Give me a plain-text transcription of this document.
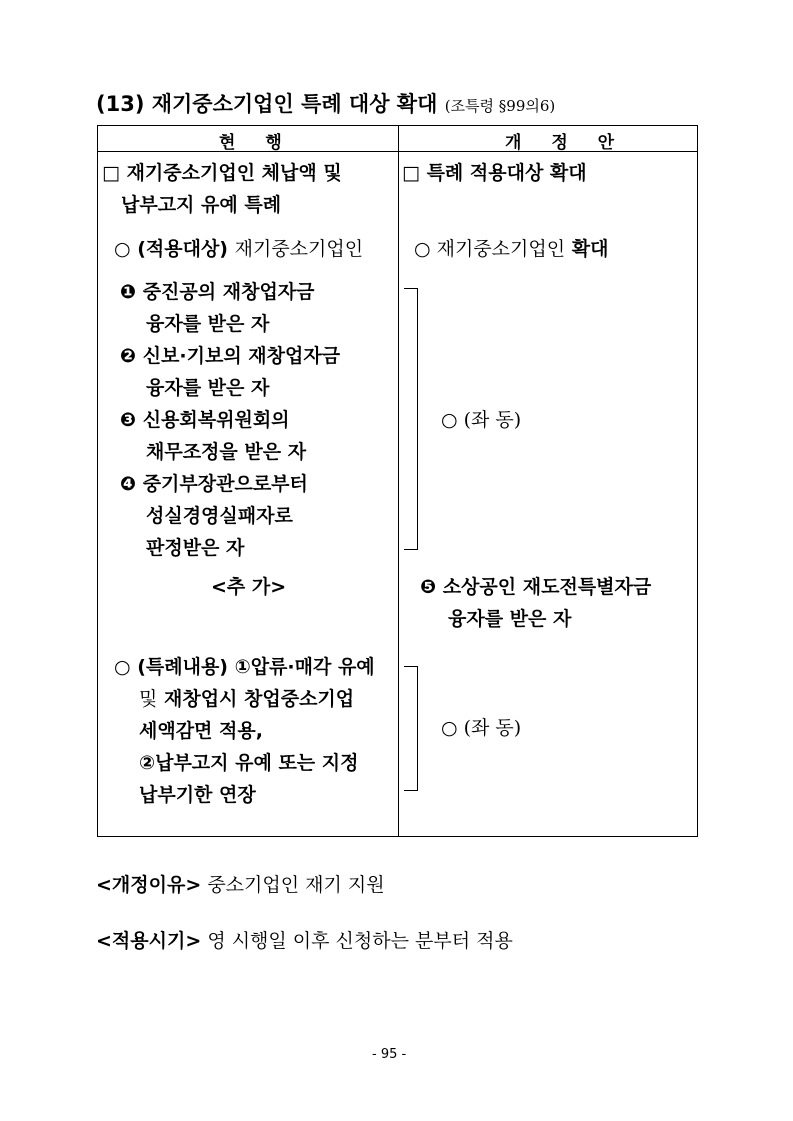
(13) 재기중소기업인 특례 대상 확대 (조특령 §99의6)
현 행	개 정 안
□ 재기중소기업인 체납액 및
납부고지 유예 특례
○ (적용대상) 재기중소기업인
❶ 중진공의 재창업자금
융자를 받은 자
❷ 신보·기보의 재창업자금
융자를 받은 자
❸ 신용회복위원회의
채무조정을 받은 자
❹ 중기부장관으로부터
성실경영실패자로
판정받은 자
<추 가>
○ (특례내용) ①압류·매각 유예
및 재창업시 창업중소기업
세액감면 적용,
②납부고지 유예 또는 지정
납부기한 연장
□ 특례 적용대상 확대
○ 재기중소기업인 확대
○ (좌 동)
❺ 소상공인 재도전특별자금
융자를 받은 자
○ (좌 동)
<개정이유> 중소기업인 재기 지원
<적용시기> 영 시행일 이후 신청하는 분부터 적용
- 95 -
